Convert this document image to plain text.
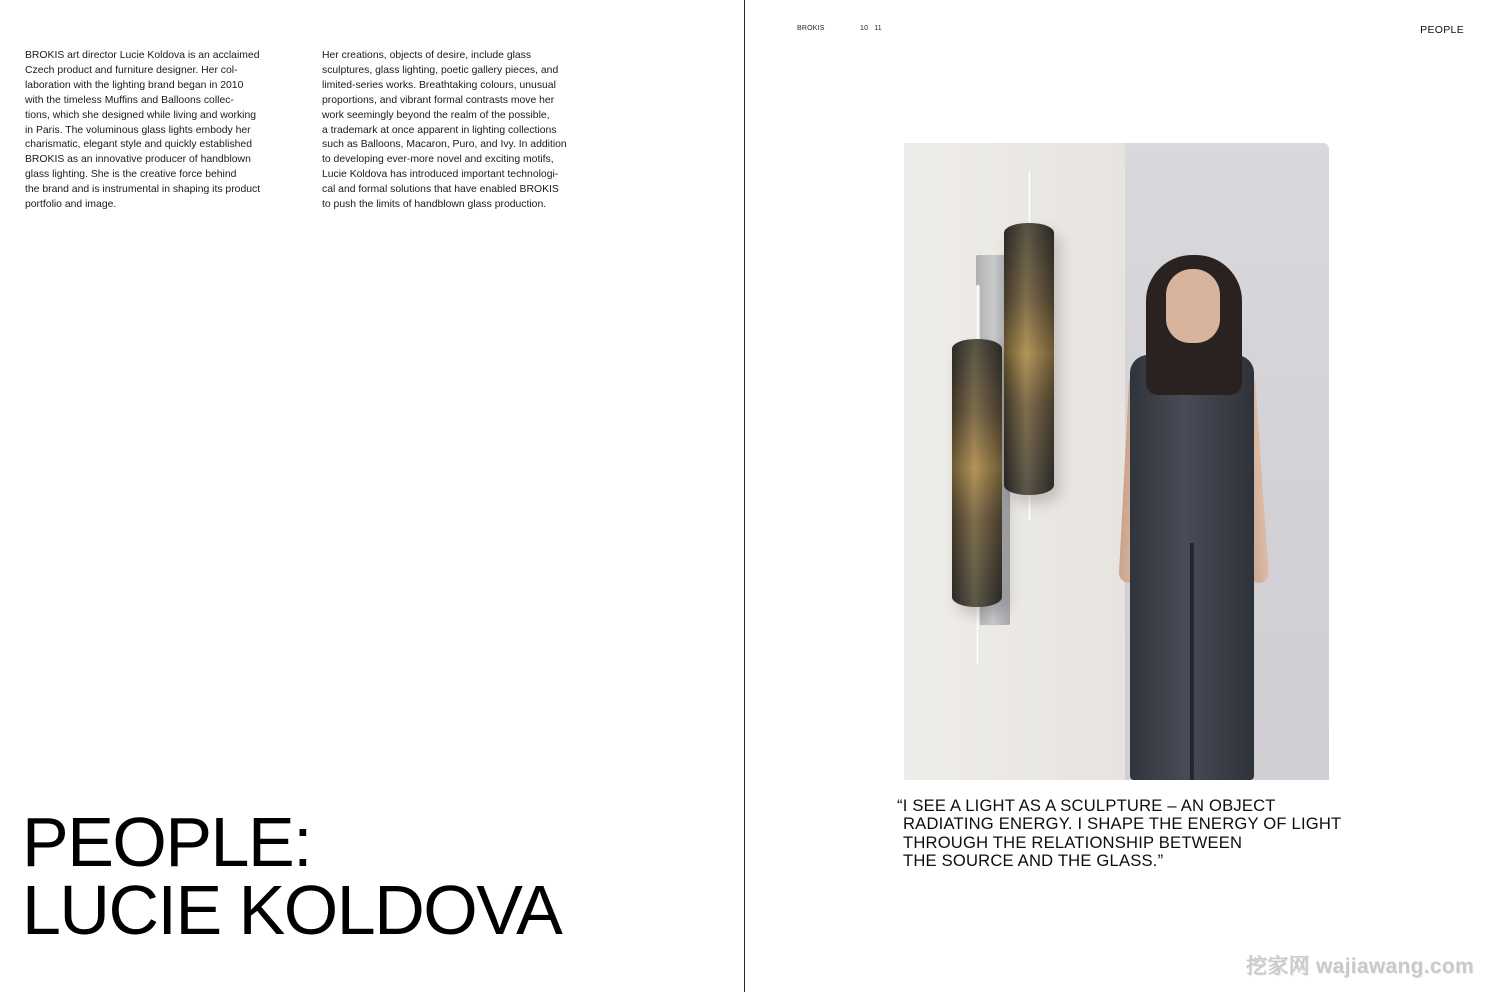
BROKIS art director Lucie Koldova is an acclaimed

Czech product and furniture designer. Her col-

laboration with the lighting brand began in 2010

with the timeless Muffins and Balloons collec-

tions, which she designed while living and working

in Paris. The voluminous glass lights embody her

charismatic, elegant style and quickly established

BROKIS as an innovative producer of handblown

glass lighting. She is the creative force behind

the brand and is instrumental in shaping its product

portfolio and image.

Her creations, objects of desire, include glass

sculptures, glass lighting, poetic gallery pieces, and

limited-series works. Breathtaking colours, unusual

proportions, and vibrant formal contrasts move her

work seemingly beyond the realm of the possible,

a trademark at once apparent in lighting collections

such as Balloons, Macaron, Puro, and Ivy. In addition

to developing ever-more novel and exciting motifs,

Lucie Koldova has introduced important technologi-

cal and formal solutions that have enabled BROKIS

to push the limits of handblown glass production.

PEOPLE:
LUCIE KOLDOVA
BROKIS	10 11	PEOPLE
“I SEE A LIGHT AS A SCULPTURE – AN OBJECT
RADIATING ENERGY. I SHAPE THE ENERGY OF LIGHT
THROUGH THE RELATIONSHIP BETWEEN
THE SOURCE AND THE GLASS.”
挖家网 wajiawang.com
